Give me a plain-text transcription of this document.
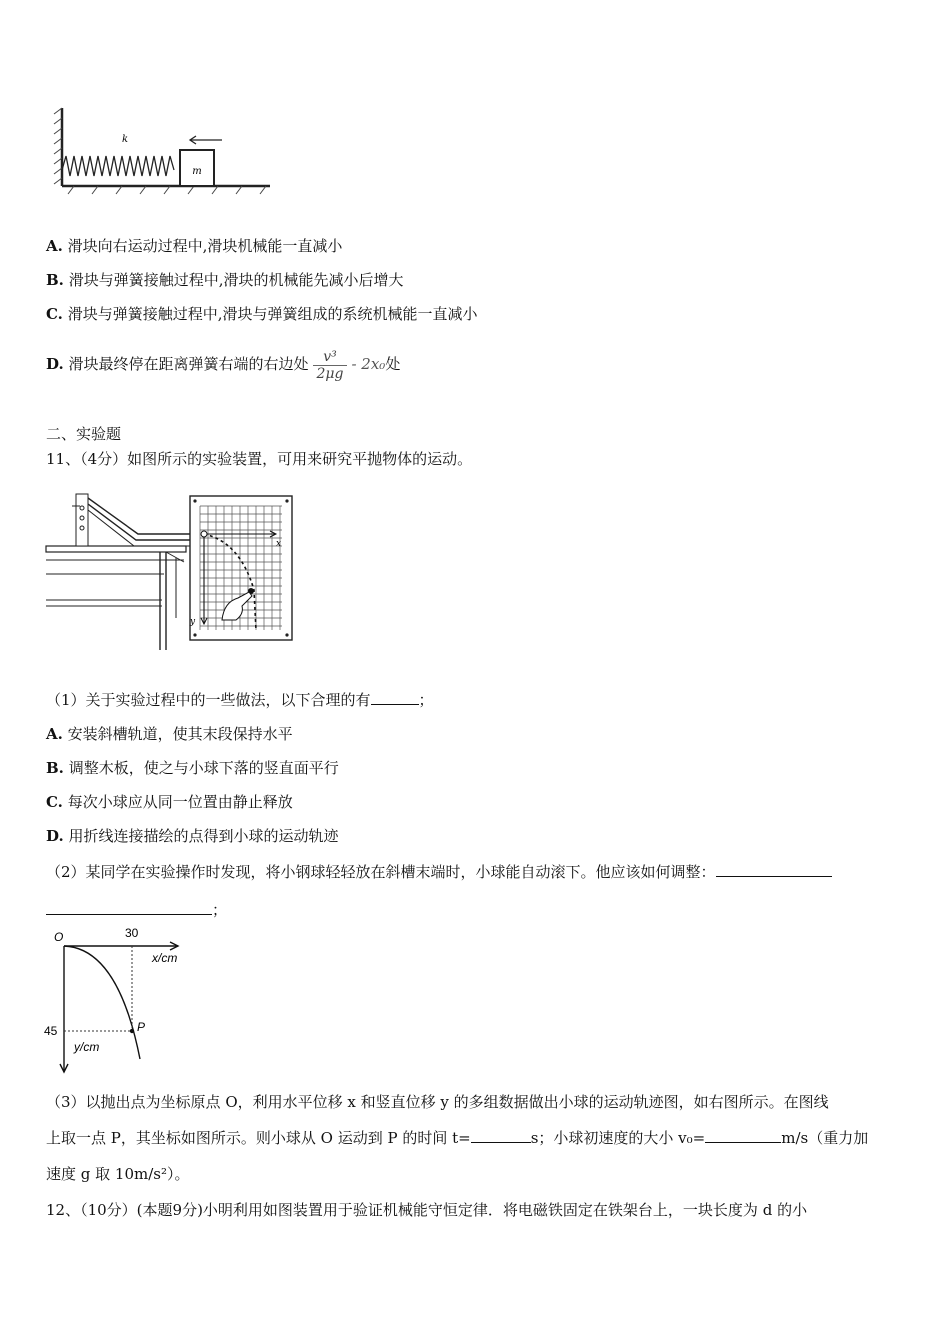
m
k
A. 滑块向右运动过程中,滑块机械能一直减小
B. 滑块与弹簧接触过程中,滑块的机械能先减小后增大
C. 滑块与弹簧接触过程中,滑块与弹簧组成的系统机械能一直减小
D. 滑块最终停在距离弹簧右端的右边处 $\frac{\text{v³}}{2\mu g} - 2x_0$处
二、实验题
11、（4分）如图所示的实验装置，可用来研究平抛物体的运动。
y
x
（1）关于实验过程中的一些做法，以下合理的有	；
A. 安装斜槽轨道，使其末段保持水平
B. 调整木板，使之与小球下落的竖直面平行
C. 每次小球应从同一位置由静止释放
D. 用折线连接描绘的点得到小球的运动轨迹
（2）某同学在实验操作时发现，将小钢球轻轻放在斜槽末端时，小球能自动滚下。他应该如何调整：
；
O	30
x/cm
45
y/cm
P
（3）以抛出点为坐标原点 O，利用水平位移 x 和竖直位移 y 的多组数据做出小球的运动轨迹图，如右图所示。在图线
上取一点 P，其坐标如图所示。则小球从 O 运动到 P 的时间 t=	s；小球初速度的大小 v₀=	m/s（重力加
速度 g 取 10m/s²）。
12、（10分）(本题9分)小明利用如图装置用于验证机械能守恒定律．将电磁铁固定在铁架台上，一块长度为 d 的小
